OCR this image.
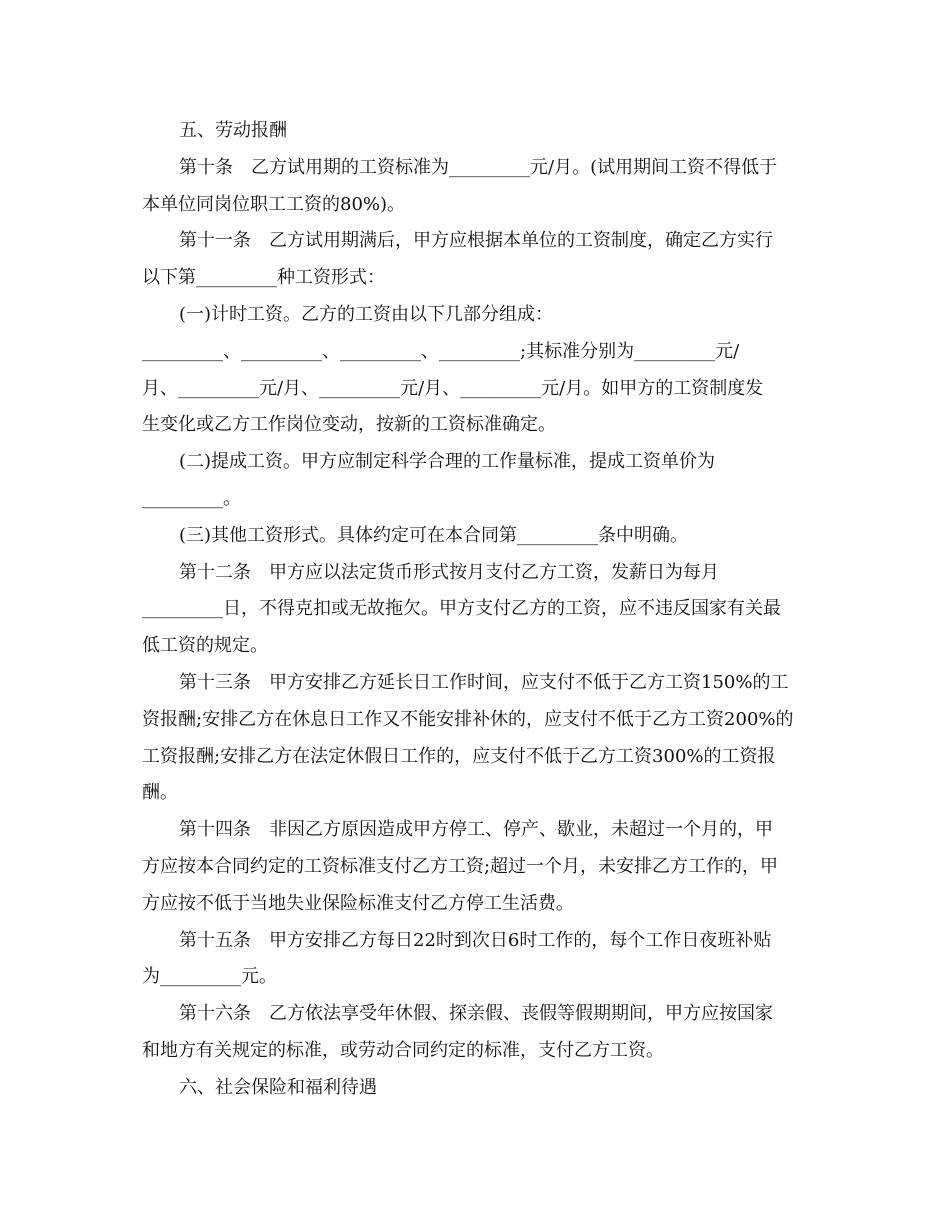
五、劳动报酬
第十条　乙方试用期的工资标准为_________元/月。(试用期间工资不得低于
本单位同岗位职工工资的80%)。
第十一条　乙方试用期满后，甲方应根据本单位的工资制度，确定乙方实行
以下第_________种工资形式：
(一)计时工资。乙方的工资由以下几部分组成：
_________、_________、_________、_________;其标准分别为_________元/
月、_________元/月、_________元/月、_________元/月。如甲方的工资制度发
生变化或乙方工作岗位变动，按新的工资标准确定。
(二)提成工资。甲方应制定科学合理的工作量标准，提成工资单价为
_________。
(三)其他工资形式。具体约定可在本合同第_________条中明确。
第十二条　甲方应以法定货币形式按月支付乙方工资，发薪日为每月
_________日，不得克扣或无故拖欠。甲方支付乙方的工资，应不违反国家有关最
低工资的规定。
第十三条　甲方安排乙方延长日工作时间，应支付不低于乙方工资150%的工
资报酬;安排乙方在休息日工作又不能安排补休的，应支付不低于乙方工资200%的
工资报酬;安排乙方在法定休假日工作的，应支付不低于乙方工资300%的工资报
酬。
第十四条　非因乙方原因造成甲方停工、停产、歇业，未超过一个月的，甲
方应按本合同约定的工资标准支付乙方工资;超过一个月，未安排乙方工作的，甲
方应按不低于当地失业保险标准支付乙方停工生活费。
第十五条　甲方安排乙方每日22时到次日6时工作的，每个工作日夜班补贴
为_________元。
第十六条　乙方依法享受年休假、探亲假、丧假等假期期间，甲方应按国家
和地方有关规定的标准，或劳动合同约定的标准，支付乙方工资。
六、社会保险和福利待遇
